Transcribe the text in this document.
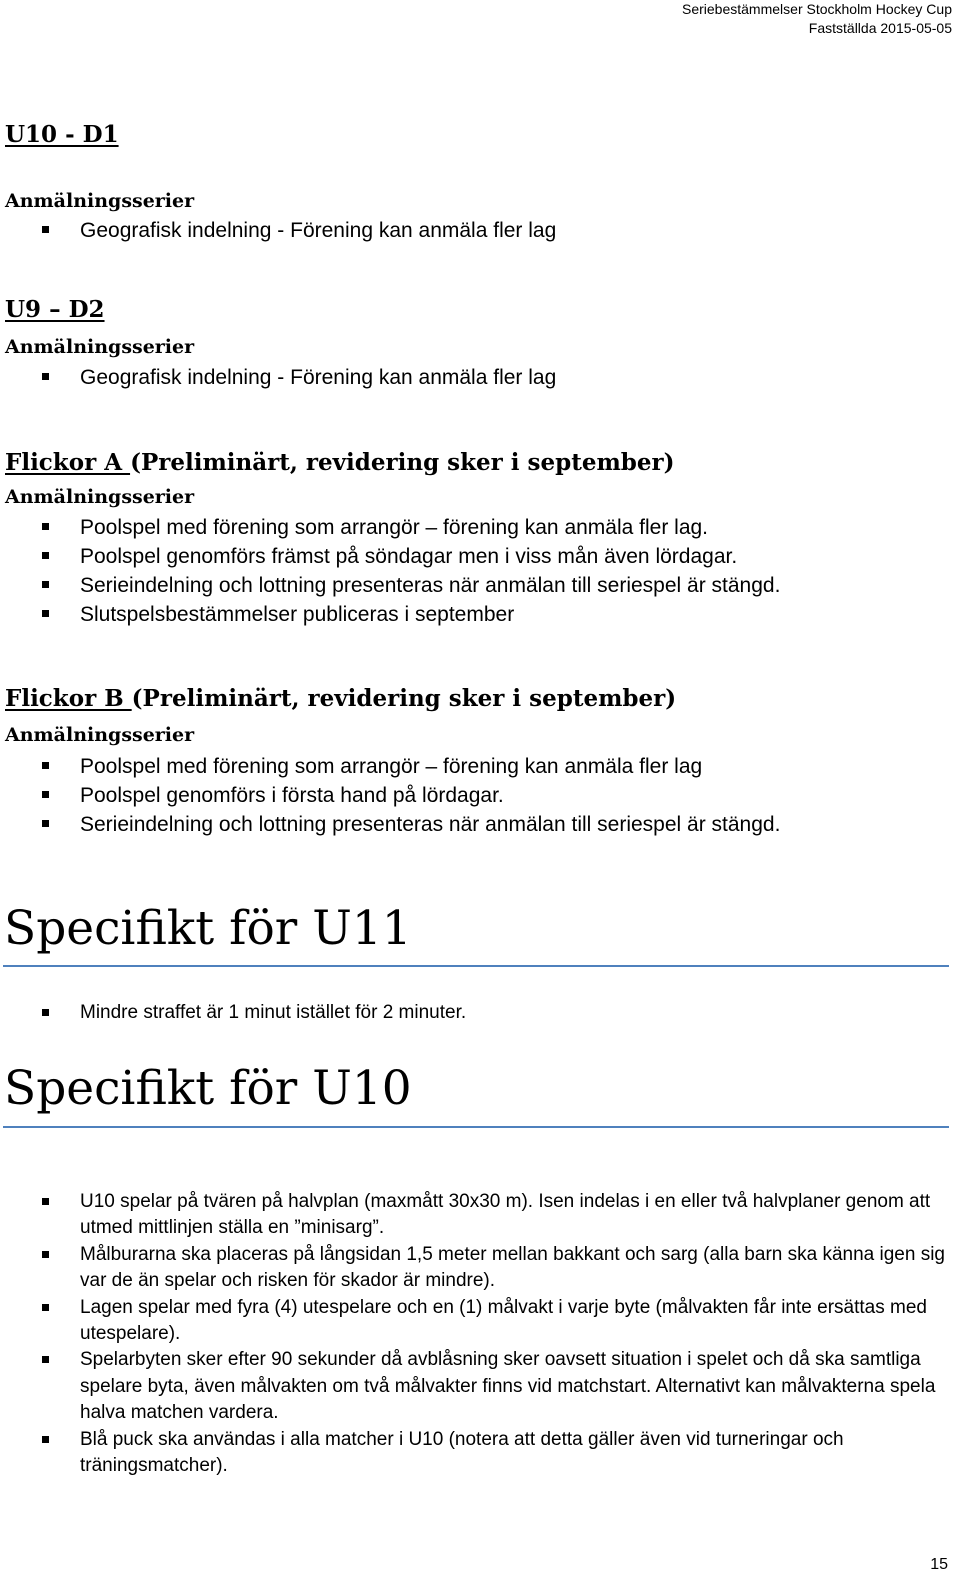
Seriebestämmelser Stockholm Hockey Cup
Fastställda 2015-05-05
U10 - D1
Anmälningsserier
Geografisk indelning - Förening kan anmäla fler lag
U9 – D2
Anmälningsserier
Geografisk indelning - Förening kan anmäla fler lag
Flickor A (Preliminärt, revidering sker i september)
Anmälningsserier
Poolspel med förening som arrangör – förening kan anmäla fler lag.
Poolspel genomförs främst på söndagar men i viss mån även lördagar.
Serieindelning och lottning presenteras när anmälan till seriespel är stängd.
Slutspelsbestämmelser publiceras i september
Flickor B (Preliminärt, revidering sker i september)
Anmälningsserier
Poolspel med förening som arrangör – förening kan anmäla fler lag
Poolspel genomförs i första hand på lördagar.
Serieindelning och lottning presenteras när anmälan till seriespel är stängd.
Specifikt för U11
Mindre straffet är 1 minut istället för 2 minuter.
Specifikt för U10
U10 spelar på tvären på halvplan (maxmått 30x30 m). Isen indelas i en eller två halvplaner genom att utmed mittlinjen ställa en ”minisarg”.
Målburarna ska placeras på långsidan 1,5 meter mellan bakkant och sarg (alla barn ska känna igen sig var de än spelar och risken för skador är mindre).
Lagen spelar med fyra (4) utespelare och en (1) målvakt i varje byte (målvakten får inte ersättas med utespelare).
Spelarbyten sker efter 90 sekunder då avblåsning sker oavsett situation i spelet och då ska samtliga spelare byta, även målvakten om två målvakter finns vid matchstart. Alternativt kan målvakterna spela halva matchen vardera.
Blå puck ska användas i alla matcher i U10 (notera att detta gäller även vid turneringar och träningsmatcher).
15
